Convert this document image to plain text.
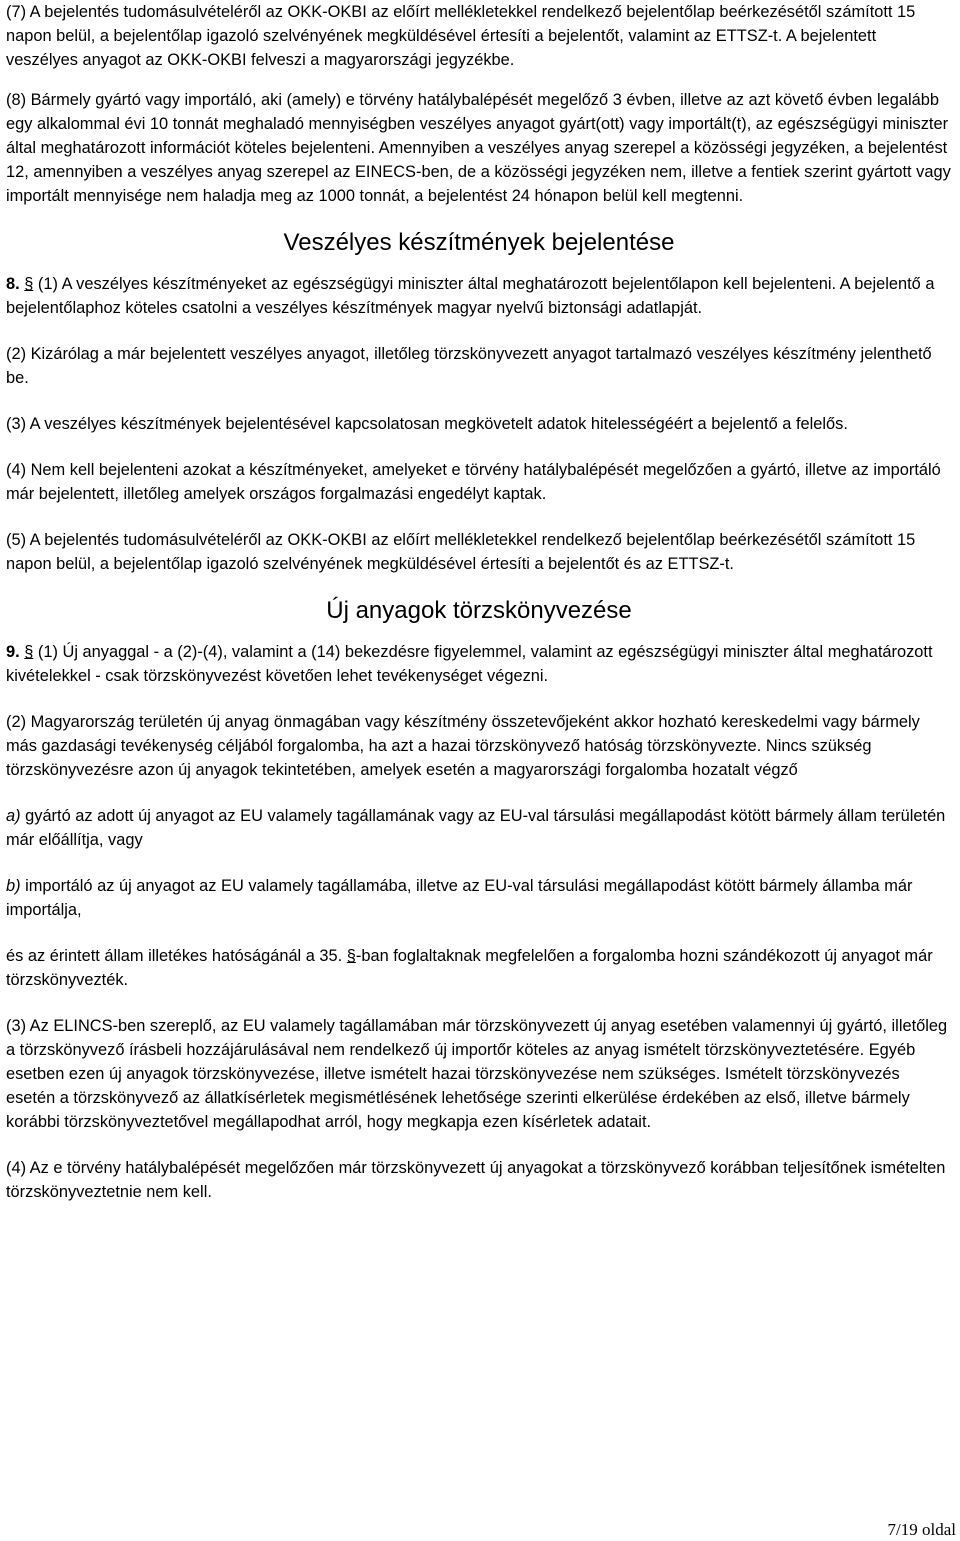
(7) A bejelentés tudomásulvételéről az OKK-OKBI az előírt mellékletekkel rendelkező bejelentőlap beérkezésétől számított 15 napon belül, a bejelentőlap igazoló szelvényének megküldésével értesíti a bejelentőt, valamint az ETTSZ-t. A bejelentett veszélyes anyagot az OKK-OKBI felveszi a magyarországi jegyzékbe.

(8) Bármely gyártó vagy importáló, aki (amely) e törvény hatálybalépését megelőző 3 évben, illetve az azt követő évben legalább egy alkalommal évi 10 tonnát meghaladó mennyiségben veszélyes anyagot gyárt(ott) vagy importált(t), az egészségügyi miniszter által meghatározott információt köteles bejelenteni. Amennyiben a veszélyes anyag szerepel a közösségi jegyzéken, a bejelentést 12, amennyiben a veszélyes anyag szerepel az EINECS-ben, de a közösségi jegyzéken nem, illetve a fentiek szerint gyártott vagy importált mennyisége nem haladja meg az 1000 tonnát, a bejelentést 24 hónapon belül kell megtenni.

Veszélyes készítmények bejelentése

8. § (1) A veszélyes készítményeket az egészségügyi miniszter által meghatározott bejelentőlapon kell bejelenteni. A bejelentő a bejelentőlaphoz köteles csatolni a veszélyes készítmények magyar nyelvű biztonsági adatlapját.

(2) Kizárólag a már bejelentett veszélyes anyagot, illetőleg törzskönyvezett anyagot tartalmazó veszélyes készítmény jelenthető be.

(3) A veszélyes készítmények bejelentésével kapcsolatosan megkövetelt adatok hitelességéért a bejelentő a felelős.

(4) Nem kell bejelenteni azokat a készítményeket, amelyeket e törvény hatálybalépését megelőzően a gyártó, illetve az importáló már bejelentett, illetőleg amelyek országos forgalmazási engedélyt kaptak.

(5) A bejelentés tudomásulvételéről az OKK-OKBI az előírt mellékletekkel rendelkező bejelentőlap beérkezésétől számított 15 napon belül, a bejelentőlap igazoló szelvényének megküldésével értesíti a bejelentőt és az ETTSZ-t.

Új anyagok törzskönyvezése

9. § (1) Új anyaggal - a (2)-(4), valamint a (14) bekezdésre figyelemmel, valamint az egészségügyi miniszter által meghatározott kivételekkel - csak törzskönyvezést követően lehet tevékenységet végezni.

(2) Magyarország területén új anyag önmagában vagy készítmény összetevőjeként akkor hozható kereskedelmi vagy bármely más gazdasági tevékenység céljából forgalomba, ha azt a hazai törzskönyvező hatóság törzskönyvezte. Nincs szükség törzskönyvezésre azon új anyagok tekintetében, amelyek esetén a magyarországi forgalomba hozatalt végző

a) gyártó az adott új anyagot az EU valamely tagállamának vagy az EU-val társulási megállapodást kötött bármely állam területén már előállítja, vagy

b) importáló az új anyagot az EU valamely tagállamába, illetve az EU-val társulási megállapodást kötött bármely államba már importálja,

és az érintett állam illetékes hatóságánál a 35. §-ban foglaltaknak megfelelően a forgalomba hozni szándékozott új anyagot már törzskönyvezték.

(3) Az ELINCS-ben szereplő, az EU valamely tagállamában már törzskönyvezett új anyag esetében valamennyi új gyártó, illetőleg a törzskönyvező írásbeli hozzájárulásával nem rendelkező új importőr köteles az anyag ismételt törzskönyveztetésére. Egyéb esetben ezen új anyagok törzskönyvezése, illetve ismételt hazai törzskönyvezése nem szükséges. Ismételt törzskönyvezés esetén a törzskönyvező az állatkísérletek megismétlésének lehetősége szerinti elkerülése érdekében az első, illetve bármely korábbi törzskönyveztetővel megállapodhat arról, hogy megkapja ezen kísérletek adatait.

(4) Az e törvény hatálybalépését megelőzően már törzskönyvezett új anyagokat a törzskönyvező korábban teljesítőnek ismételten törzskönyveztetnie nem kell.

7/19 oldal
